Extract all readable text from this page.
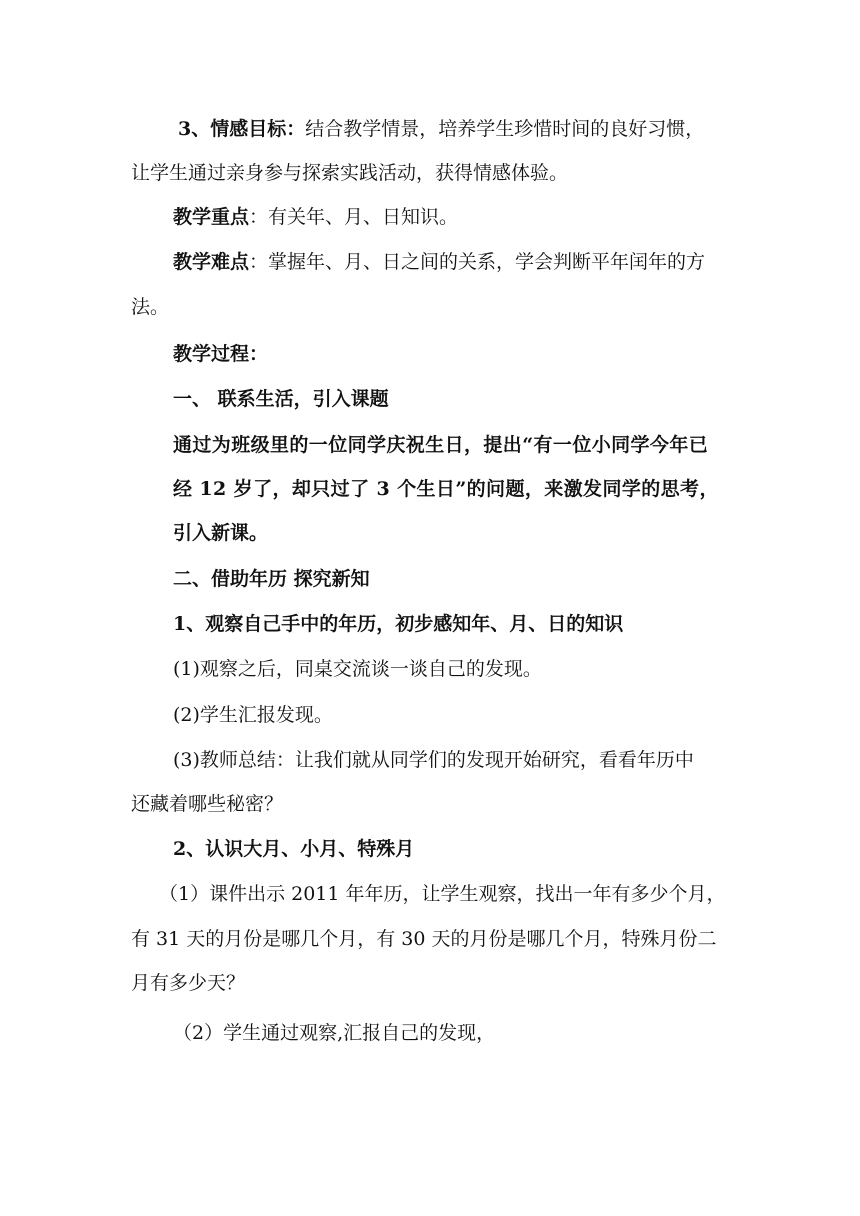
3、情感目标：结合教学情景，培养学生珍惜时间的良好习惯，
让学生通过亲身参与探索实践活动，获得情感体验。
教学重点：有关年、月、日知识。
教学难点：掌握年、月、日之间的关系，学会判断平年闰年的方
法。
教学过程：
一、 联系生活，引入课题
通过为班级里的一位同学庆祝生日，提出“有一位小同学今年已
经 12 岁了，却只过了 3 个生日”的问题，来激发同学的思考，
引入新课。
二、借助年历 探究新知
1、观察自己手中的年历，初步感知年、月、日的知识
(1)观察之后，同桌交流谈一谈自己的发现。
(2)学生汇报发现。
(3)教师总结：让我们就从同学们的发现开始研究，看看年历中
还藏着哪些秘密？
2、认识大月、小月、特殊月
（1）课件出示 2011 年年历，让学生观察，找出一年有多少个月，
有 31 天的月份是哪几个月，有 30 天的月份是哪几个月，特殊月份二
月有多少天？
（2）学生通过观察,汇报自己的发现，
